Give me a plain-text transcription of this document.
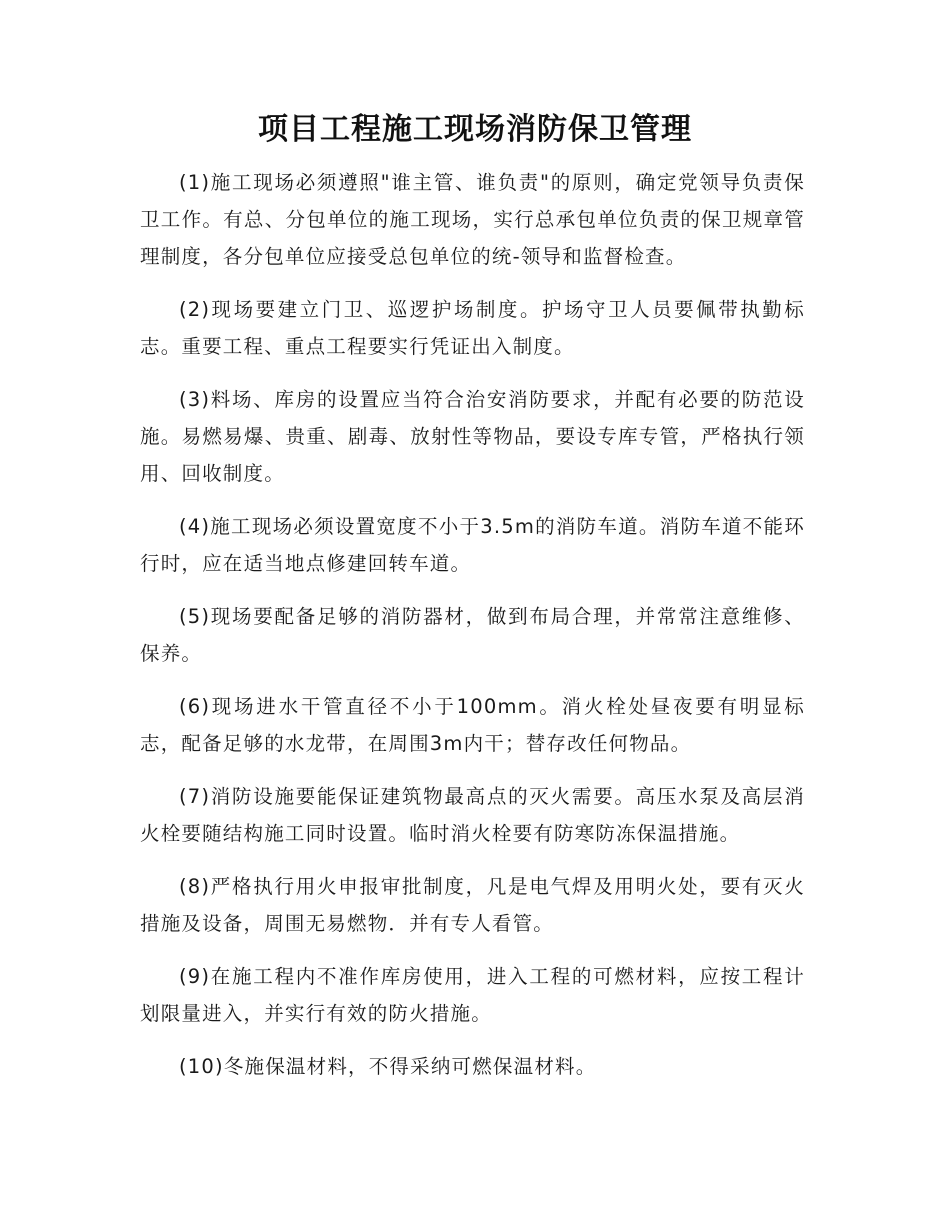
项目工程施工现场消防保卫管理

(1)施工现场必须遵照"谁主管、谁负责"的原则，确定党领导负责保卫工作。有总、分包单位的施工现场，实行总承包单位负责的保卫规章管理制度，各分包单位应接受总包单位的统-领导和监督检查。

(2)现场要建立门卫、巡逻护场制度。护场守卫人员要佩带执勤标志。重要工程、重点工程要实行凭证出入制度。

(3)料场、库房的设置应当符合治安消防要求，并配有必要的防范设施。易燃易爆、贵重、剧毒、放射性等物品，要设专库专管，严格执行领用、回收制度。

(4)施工现场必须设置宽度不小于3.5m的消防车道。消防车道不能环行时，应在适当地点修建回转车道。

(5)现场要配备足够的消防器材，做到布局合理，并常常注意维修、保养。

(6)现场进水干管直径不小于100mm。消火栓处昼夜要有明显标志，配备足够的水龙带，在周围3m内干；替存改任何物品。

(7)消防设施要能保证建筑物最高点的灭火需要。高压水泵及高层消火栓要随结构施工同时设置。临时消火栓要有防寒防冻保温措施。

(8)严格执行用火申报审批制度，凡是电气焊及用明火处，要有灭火措施及设备，周围无易燃物．并有专人看管。

(9)在施工程内不准作库房使用，进入工程的可燃材料，应按工程计划限量进入，并实行有效的防火措施。

(10)冬施保温材料，不得采纳可燃保温材料。
